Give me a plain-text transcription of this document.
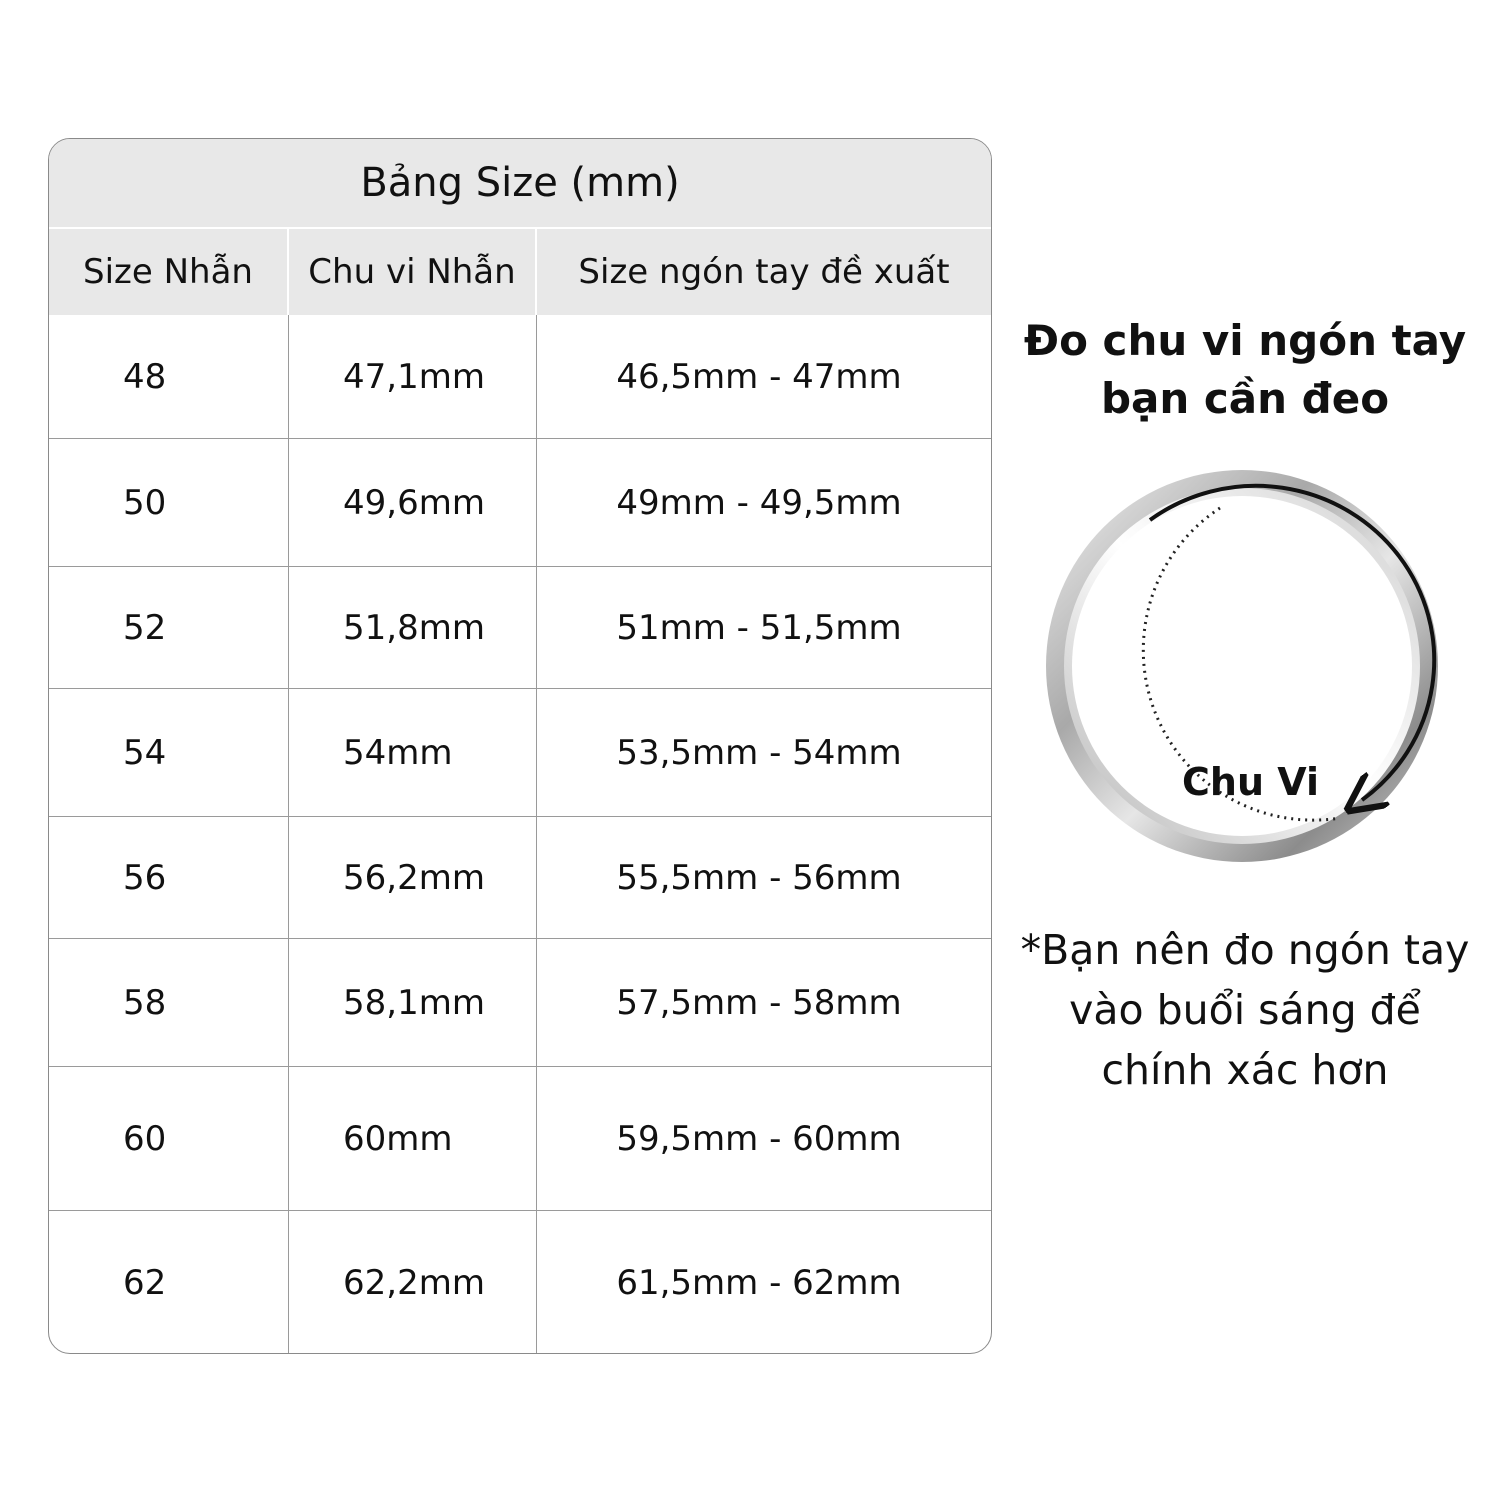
Bảng Size (mm)
Size Nhẫn	Chu vi Nhẫn	Size ngón tay đề xuất
48	47,1mm	46,5mm - 47mm
50	49,6mm	49mm - 49,5mm
52	51,8mm	51mm - 51,5mm
54	54mm	53,5mm - 54mm
56	56,2mm	55,5mm - 56mm
58	58,1mm	57,5mm - 58mm
60	60mm	59,5mm - 60mm
62	62,2mm	61,5mm - 62mm
Đo chu vi ngón tay
bạn cần đeo
Chu Vi
*Bạn nên đo ngón tay
vào buổi sáng để
chính xác hơn
